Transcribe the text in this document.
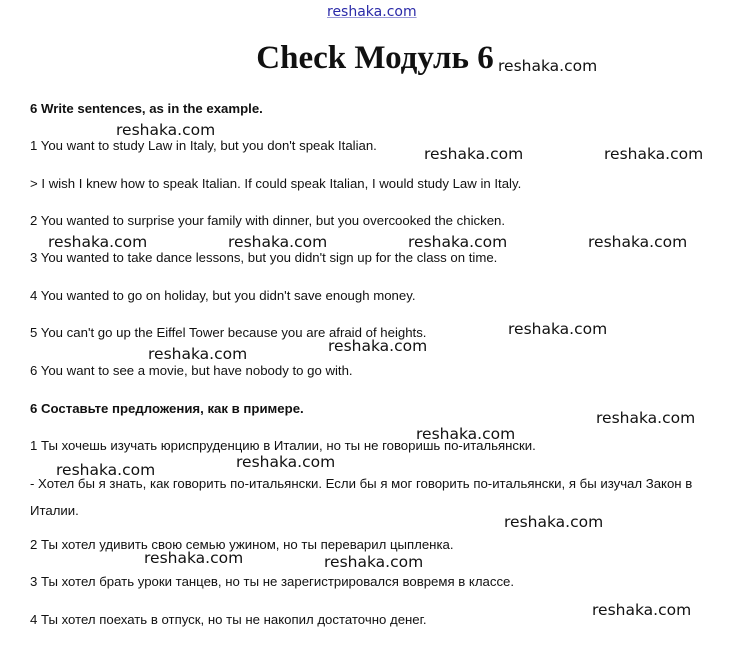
reshaka.com
Check Модуль 6
6 Write sentences, as in the example.
1 You want to study Law in Italy, but you don't speak Italian.
> I wish I knew how to speak Italian. If could speak Italian, I would study Law in Italy.
2 You wanted to surprise your family with dinner, but you overcooked the chicken.
3 You wanted to take dance lessons, but you didn't sign up for the class on time.
4 You wanted to go on holiday, but you didn't save enough money.
5 You can't go up the Eiffel Tower because you are afraid of heights.
6 You want to see a movie, but have nobody to go with.
6 Составьте предложения, как в примере.
1 Ты хочешь изучать юриспруденцию в Италии, но ты не говоришь по-итальянски.
- Хотел бы я знать, как говорить по-итальянски. Если бы я мог говорить по-итальянски, я бы изучал Закон в Италии.
2 Ты хотел удивить свою семью ужином, но ты переварил цыпленка.
3 Ты хотел брать уроки танцев, но ты не зарегистрировался вовремя в классе.
4 Ты хотел поехать в отпуск, но ты не накопил достаточно денег.
reshaka.com
reshaka.com
reshaka.com	reshaka.com
reshaka.com	reshaka.com	reshaka.com	reshaka.com
reshaka.com
reshaka.com
reshaka.com
reshaka.com
reshaka.com
reshaka.com
reshaka.com
reshaka.com
reshaka.com	reshaka.com
reshaka.com
